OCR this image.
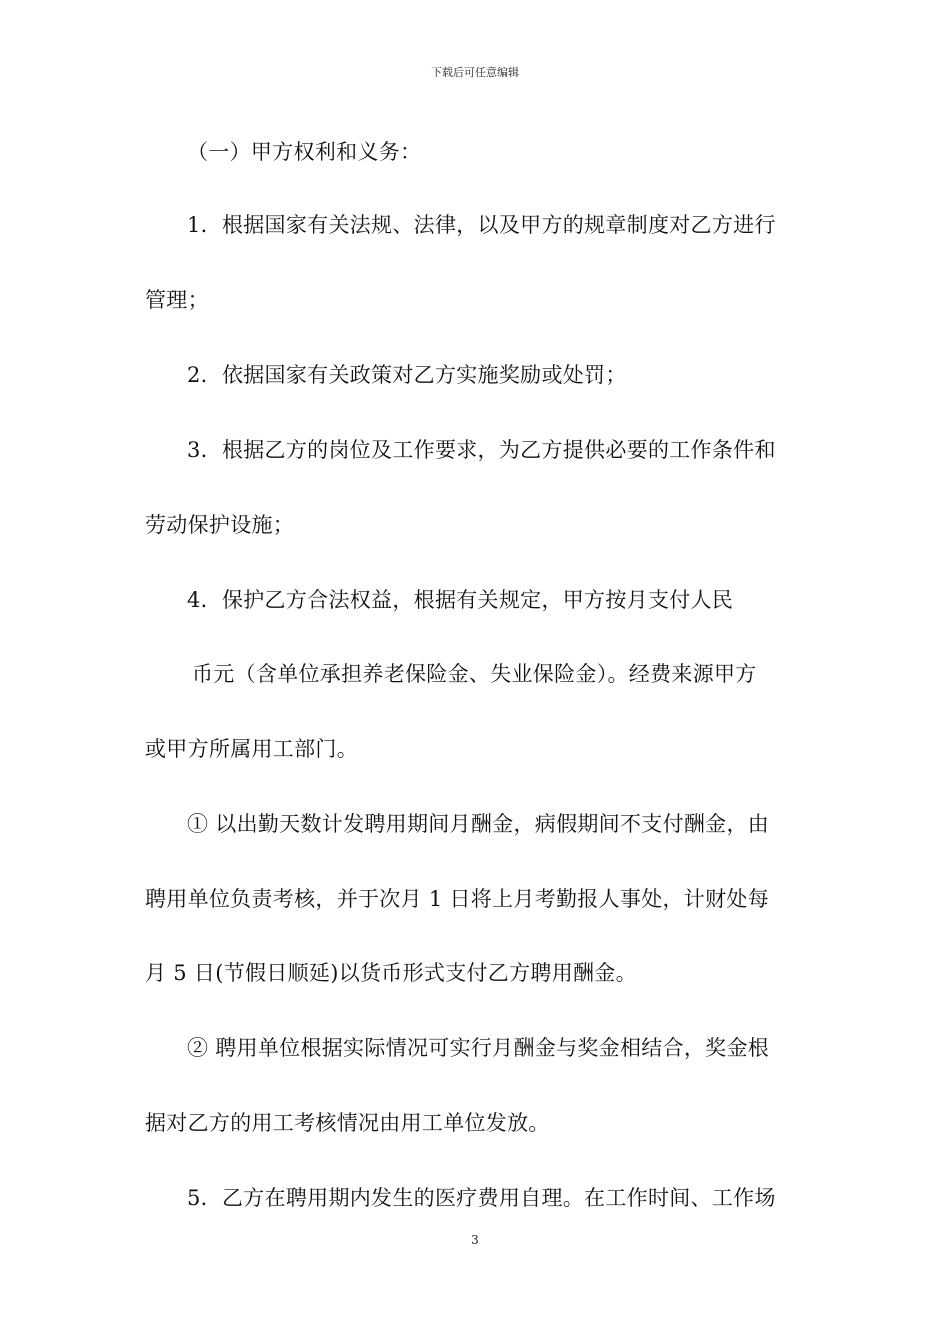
下载后可任意编辑
（一）甲方权利和义务：
1．根据国家有关法规、法律，以及甲方的规章制度对乙方进行
管理；
2．依据国家有关政策对乙方实施奖励或处罚；
3．根据乙方的岗位及工作要求，为乙方提供必要的工作条件和
劳动保护设施；
4．保护乙方合法权益，根据有关规定，甲方按月支付人民
币元（含单位承担养老保险金、失业保险金）。经费来源甲方
或甲方所属用工部门。
① 以出勤天数计发聘用期间月酬金，病假期间不支付酬金，由
聘用单位负责考核，并于次月 1 日将上月考勤报人事处，计财处每
月 5 日(节假日顺延)以货币形式支付乙方聘用酬金。
② 聘用单位根据实际情况可实行月酬金与奖金相结合，奖金根
据对乙方的用工考核情况由用工单位发放。
5．乙方在聘用期内发生的医疗费用自理。在工作时间、工作场
3
